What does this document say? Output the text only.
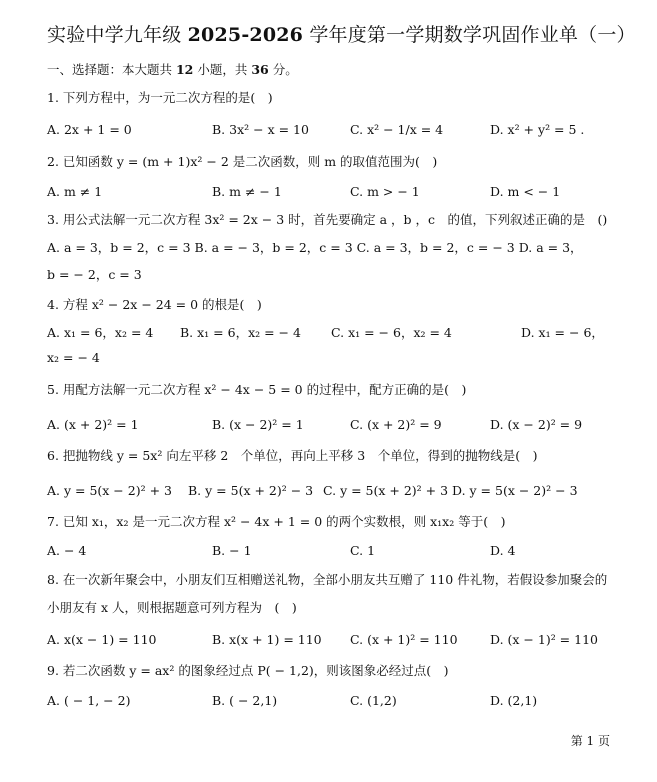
实验中学九年级 2025-2026 学年度第一学期数学巩固作业单（一）
一、选择题：本大题共 12 小题，共 36 分。
1. 下列方程中，为一元二次方程的是(　)
A. 2x + 1 = 0	B. 3x² − x = 10	C. x² − 1/x = 4	D. x² + y² = 5 .
2. 已知函数 y = (m + 1)x² − 2 是二次函数，则 m 的取值范围为(　)
A. m ≠ 1	B. m ≠ − 1	C. m > − 1	D. m < − 1
3. 用公式法解一元二次方程 3x² = 2x − 3 时，首先要确定 a ，b ，c　的值，下列叙述正确的是　()
A. a = 3，b = 2，c = 3 B. a = − 3，b = 2，c = 3 C. a = 3，b = 2，c = − 3 D. a = 3，
b = − 2，c = 3
4. 方程 x² − 2x − 24 = 0 的根是(　)
A. x₁ = 6，x₂ = 4 B. x₁ = 6，x₂ = − 4 C. x₁ = − 6，x₂ = 4	D. x₁ = − 6，
x₂ = − 4
5. 用配方法解一元二次方程 x² − 4x − 5 = 0 的过程中，配方正确的是(　)
A. (x + 2)² = 1	B. (x − 2)² = 1	C. (x + 2)² = 9	D. (x − 2)² = 9
6. 把抛物线 y = 5x² 向左平移 2　个单位，再向上平移 3　个单位，得到的抛物线是(　)
A. y = 5(x − 2)² + 3 B. y = 5(x + 2)² − 3 C. y = 5(x + 2)² + 3 D. y = 5(x − 2)² − 3
7. 已知 x₁，x₂ 是一元二次方程 x² − 4x + 1 = 0 的两个实数根，则 x₁x₂ 等于(　)
A. − 4	B. − 1	C. 1	D. 4
8. 在一次新年聚会中，小朋友们互相赠送礼物，全部小朋友共互赠了 110 件礼物，若假设参加聚会的
小朋友有 x 人，则根据题意可列方程为　(　)
A. x(x − 1) = 110	B. x(x + 1) = 110 C. (x + 1)² = 110	D. (x − 1)² = 110
9. 若二次函数 y = ax² 的图象经过点 P( − 1,2)，则该图象必经过点(　)
A. ( − 1, − 2)	B. ( − 2,1)	C. (1,2)	D. (2,1)
第 1 页
